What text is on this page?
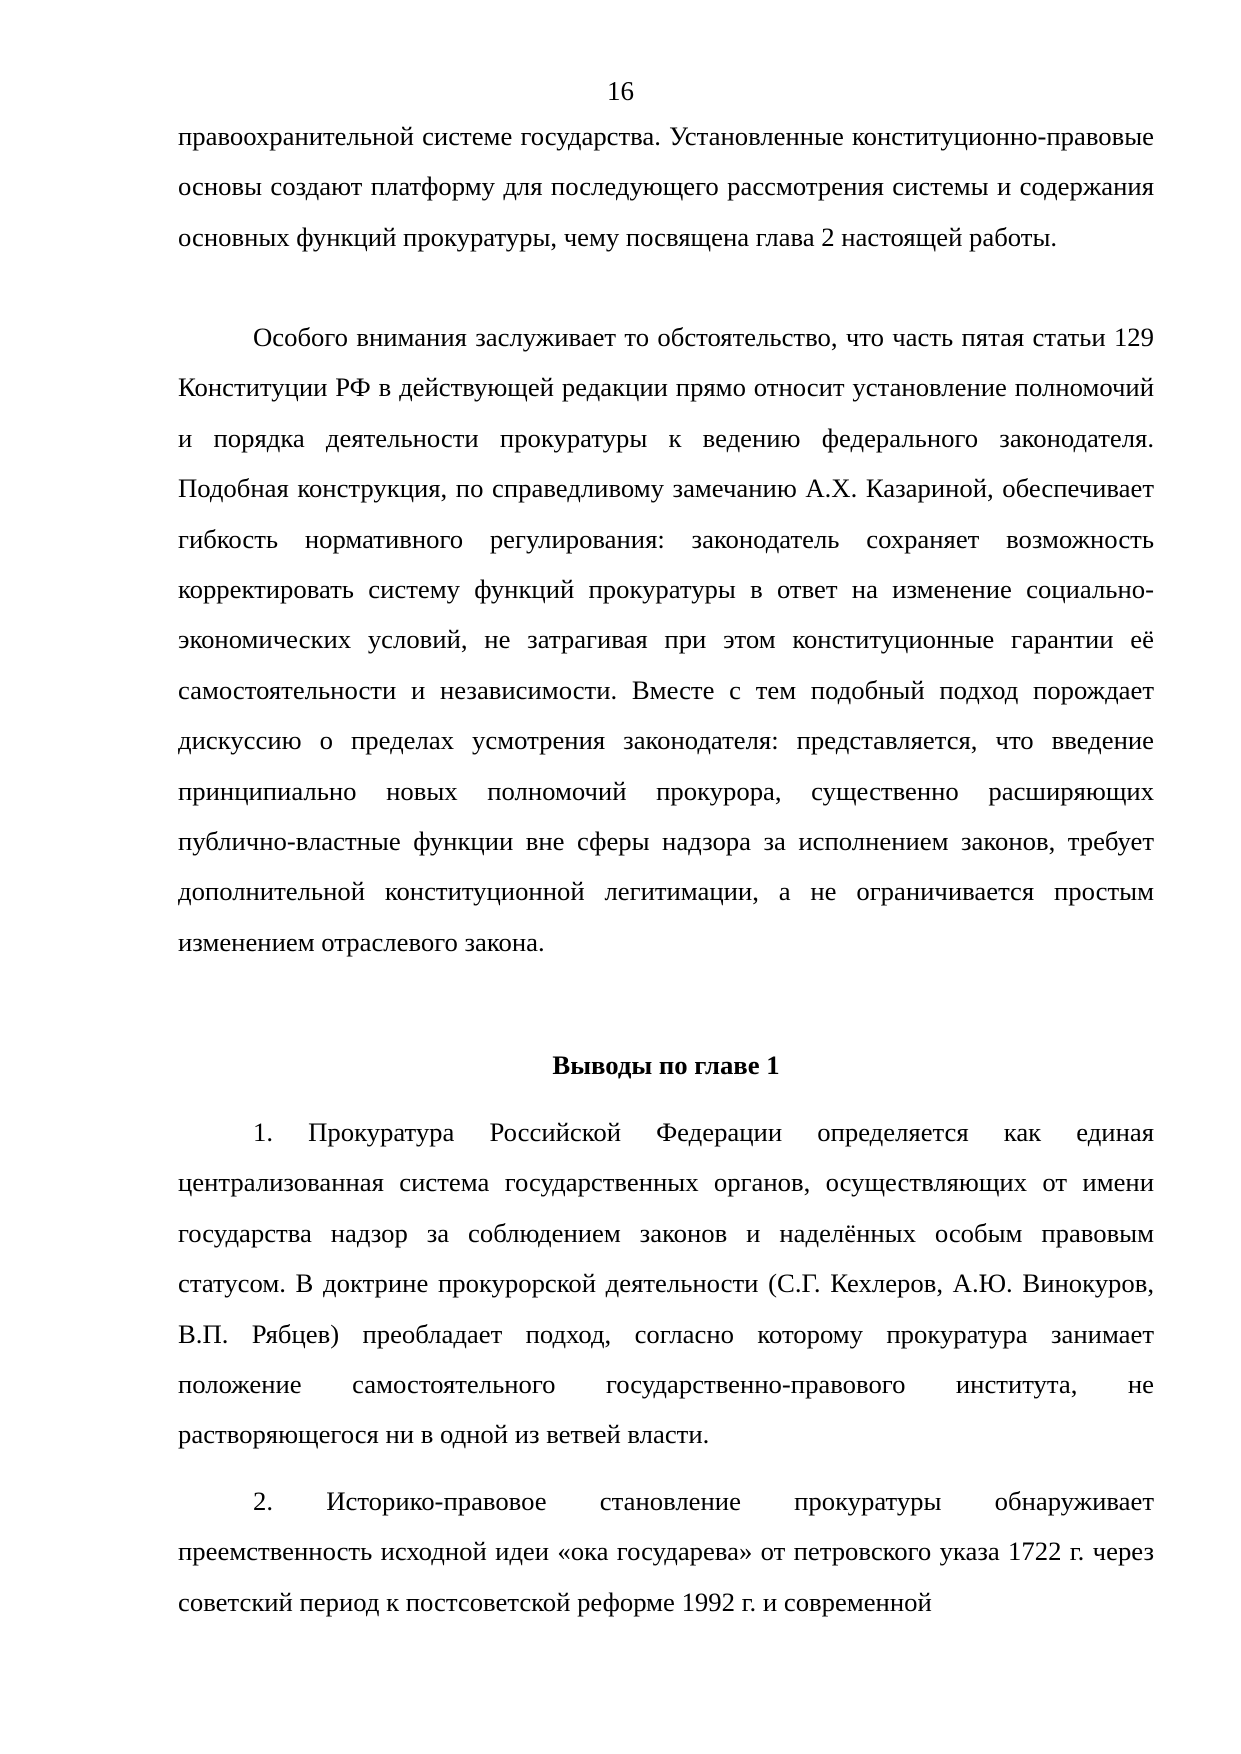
16

правоохранительной системе государства. Установленные конституционно-правовые основы создают платформу для последующего рассмотрения системы и содержания основных функций прокуратуры, чему посвящена глава 2 настоящей работы.

Особого внимания заслуживает то обстоятельство, что часть пятая статьи 129 Конституции РФ в действующей редакции прямо относит установление полномочий и порядка деятельности прокуратуры к ведению федерального законодателя. Подобная конструкция, по справедливому замечанию А.Х. Казариной, обеспечивает гибкость нормативного регулирования: законодатель сохраняет возможность корректировать систему функций прокуратуры в ответ на изменение социально-экономических условий, не затрагивая при этом конституционные гарантии её самостоятельности и независимости. Вместе с тем подобный подход порождает дискуссию о пределах усмотрения законодателя: представляется, что введение принципиально новых полномочий прокурора, существенно расширяющих публично-властные функции вне сферы надзора за исполнением законов, требует дополнительной конституционной легитимации, а не ограничивается простым изменением отраслевого закона.

Выводы по главе 1

1. Прокуратура Российской Федерации определяется как единая централизованная система государственных органов, осуществляющих от имени государства надзор за соблюдением законов и наделённых особым правовым статусом. В доктрине прокурорской деятельности (С.Г. Кехлеров, А.Ю. Винокуров, В.П. Рябцев) преобладает подход, согласно которому прокуратура занимает положение самостоятельного государственно-правового института, не растворяющегося ни в одной из ветвей власти.

2. Историко-правовое становление прокуратуры обнаруживает преемственность исходной идеи «ока государева» от петровского указа 1722 г. через советский период к постсоветской реформе 1992 г. и современной
